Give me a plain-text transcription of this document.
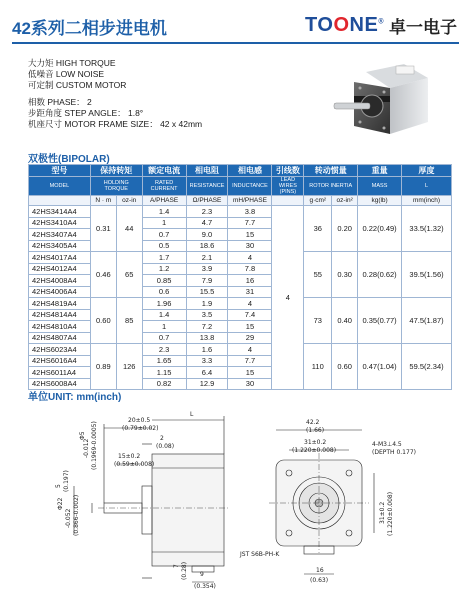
42系列二相步进电机	TOONE® 卓一电子
大力矩 HIGH TORQUE
低噪音 LOW NOISE
可定制 CUSTOM MOTOR
相数 PHASE： 2
步距角度 STEP ANGLE： 1.8°
机座尺寸 MOTOR FRAME SIZE： 42 x 42mm
双极性(BIPOLAR)
型号	保持转矩		额定电流	相电阻	相电感	引线数	转动惯量		重量	厚度
MODEL	HOLDING TORQUE		RATED CURRENT	RESISTANCE	INDUCTANCE	LEAD WIRES (PINS)	ROTOR INERTIA		MASS	L
	N · m	oz-in	A/PHASE	Ω/PHASE	mH/PHASE		g·cm²	oz-in²	kg(lb)	mm(inch)
42HS3414A4	0.31	44	1.4	2.3	3.8	4	36	0.20	0.22(0.49)	33.5(1.32)
42HS3410A4			1	4.7	7.7					
42HS3407A4			0.7	9.0	15					
42HS3405A4			0.5	18.6	30					
42HS4017A4	0.46	65	1.7	2.1	4		55	0.30	0.28(0.62)	39.5(1.56)
42HS4012A4			1.2	3.9	7.8					
42HS4008A4			0.85	7.9	16					
42HS4006A4			0.6	15.5	31					
42HS4819A4	0.60	85	1.96	1.9	4		73	0.40	0.35(0.77)	47.5(1.87)
42HS4814A4			1.4	3.5	7.4					
42HS4810A4			1	7.2	15					
42HS4807A4			0.7	13.8	29					
42HS6023A4	0.89	126	2.3	1.6	4		110	0.60	0.47(1.04)	59.5(2.34)
42HS6016A4			1.65	3.3	7.7					
42HS6011A4			1.15	6.4	15					
42HS6008A4			0.82	12.9	30					
单位UNIT: mm(inch)
20±0.5
(0.79±0.02)
2
(0.08)
15±0.2
(0.59±0.008)
L
5 (0.197)
Φ5
-0.012 (0.1969-0.0005)
Φ22
-0.052 (0.866-0.002)
7 (0.28) 9
(0.354)
42.2
(1.66)
31±0.2
(1.220±0.008)
4-M3⊥4.5
(DEPTH 0.177)
31±0.2 (1.220±0.008)
JST S6B-PH-K
16
(0.63)
